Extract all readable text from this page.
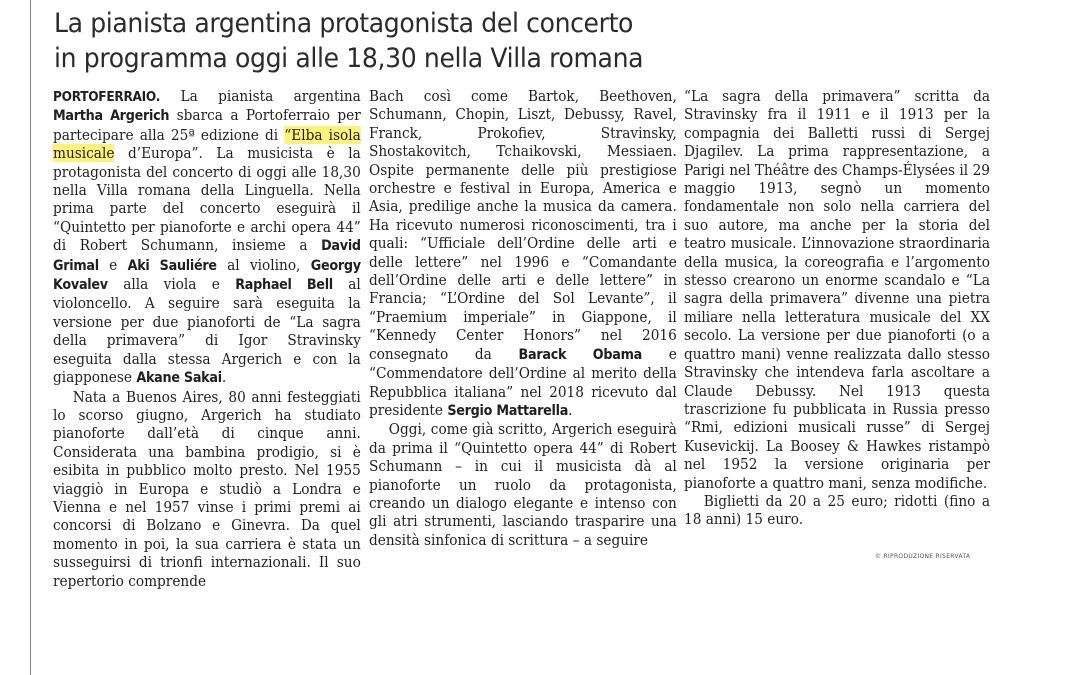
La pianista argentina protagonista del concerto
in programma oggi alle 18,30 nella Villa romana

PORTOFERRAIO. La pianista argentina Martha Argerich sbarca a Portoferraio per partecipare alla 25ª edizione di “Elba isola musicale d’Europa”. La musicista è la protagonista del concerto di oggi alle 18,30 nella Villa romana della Linguella. Nella prima parte del concerto eseguirà il “Quintetto per pianoforte e archi opera 44” di Robert Schumann, insieme a David Grimal e Aki Sauliére al violino, Georgy Kovalev alla viola e Raphael Bell al violoncello. A seguire sarà eseguita la versione per due pianoforti de “La sagra della primavera” di Igor Stravinsky eseguita dalla stessa Argerich e con la giapponese Akane Sakai.

Nata a Buenos Aires, 80 anni festeggiati lo scorso giugno, Argerich ha studiato pianoforte dall’età di cinque anni. Considerata una bambina prodigio, si è esibita in pubblico molto presto. Nel 1955 viaggiò in Europa e studiò a Londra e Vienna e nel 1957 vinse i primi premi ai concorsi di Bolzano e Ginevra. Da quel momento in poi, la sua carriera è stata un susseguirsi di trionfi internazionali. Il suo repertorio comprende

Bach così come Bartok, Beethoven, Schumann, Chopin, Liszt, Debussy, Ravel, Franck, Prokofiev, Stravinsky, Shostakovitch, Tchaikovski, Messiaen. Ospite permanente delle più prestigiose orchestre e festival in Europa, America e Asia, predilige anche la musica da camera. Ha ricevuto numerosi riconoscimenti, tra i quali: “Ufficiale dell’Ordine delle arti e delle lettere” nel 1996 e “Comandante dell’Ordine delle arti e delle lettere” in Francia; “L’Ordine del Sol Levante”, il “Praemium imperiale” in Giappone, il “Kennedy Center Honors” nel 2016 consegnato da Barack Obama e “Commendatore dell’Ordine al merito della Repubblica italiana” nel 2018 ricevuto dal presidente Sergio Mattarella.

Oggi, come già scritto, Argerich eseguirà da prima il “Quintetto opera 44” di Robert Schumann – in cui il musicista dà al pianoforte un ruolo da protagonista, creando un dialogo elegante e intenso con gli atri strumenti, lasciando trasparire una densità sinfonica di scrittura – a seguire

“La sagra della primavera” scritta da Stravinsky fra il 1911 e il 1913 per la compagnia dei Balletti russi di Sergej Djagilev. La prima rappresentazione, a Parigi nel Théâtre des Champs-Élysées il 29 maggio 1913, segnò un momento fondamentale non solo nella carriera del suo autore, ma anche per la storia del teatro musicale. L’innovazione straordinaria della musica, la coreografia e l’argomento stesso crearono un enorme scandalo e “La sagra della primavera” divenne una pietra miliare nella letteratura musicale del XX secolo. La versione per due pianoforti (o a quattro mani) venne realizzata dallo stesso Stravinsky che intendeva farla ascoltare a Claude Debussy. Nel 1913 questa trascrizione fu pubblicata in Russia presso “Rmi, edizioni musicali russe” di Sergej Kusevickij. La Boosey & Hawkes ristampò nel 1952 la versione originaria per pianoforte a quattro mani, senza modifiche.

Biglietti da 20 a 25 euro; ridotti (fino a 18 anni) 15 euro.

© RIPRODUZIONE RISERVATA
